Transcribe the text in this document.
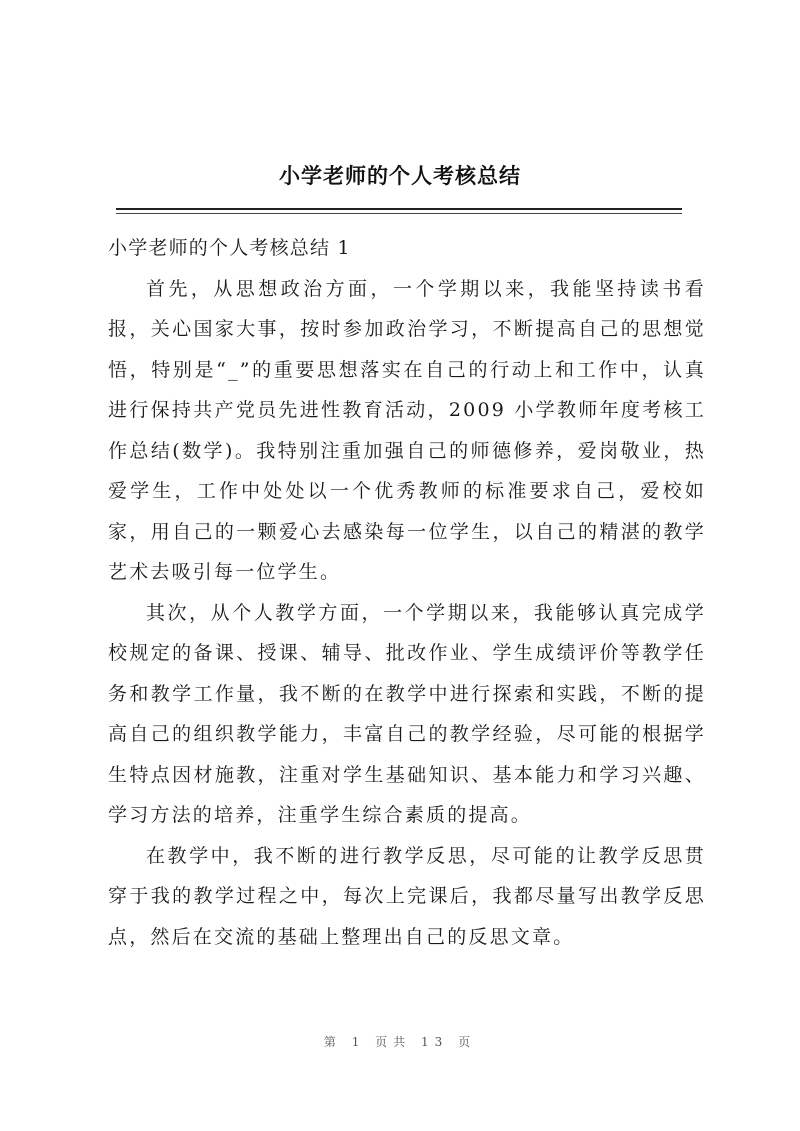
小学老师的个人考核总结

小学老师的个人考核总结 1

首先，从思想政治方面，一个学期以来，我能坚持读书看报，关心国家大事，按时参加政治学习，不断提高自己的思想觉悟，特别是“_”的重要思想落实在自己的行动上和工作中，认真进行保持共产党员先进性教育活动，2009 小学教师年度考核工作总结(数学)。我特别注重加强自己的师德修养，爱岗敬业，热爱学生，工作中处处以一个优秀教师的标准要求自己，爱校如家，用自己的一颗爱心去感染每一位学生，以自己的精湛的教学艺术去吸引每一位学生。

其次，从个人教学方面，一个学期以来，我能够认真完成学校规定的备课、授课、辅导、批改作业、学生成绩评价等教学任务和教学工作量，我不断的在教学中进行探索和实践，不断的提高自己的组织教学能力，丰富自己的教学经验，尽可能的根据学生特点因材施教，注重对学生基础知识、基本能力和学习兴趣、学习方法的培养，注重学生综合素质的提高。

在教学中，我不断的进行教学反思，尽可能的让教学反思贯穿于我的教学过程之中，每次上完课后，我都尽量写出教学反思点，然后在交流的基础上整理出自己的反思文章。

第 1 页共 13 页
